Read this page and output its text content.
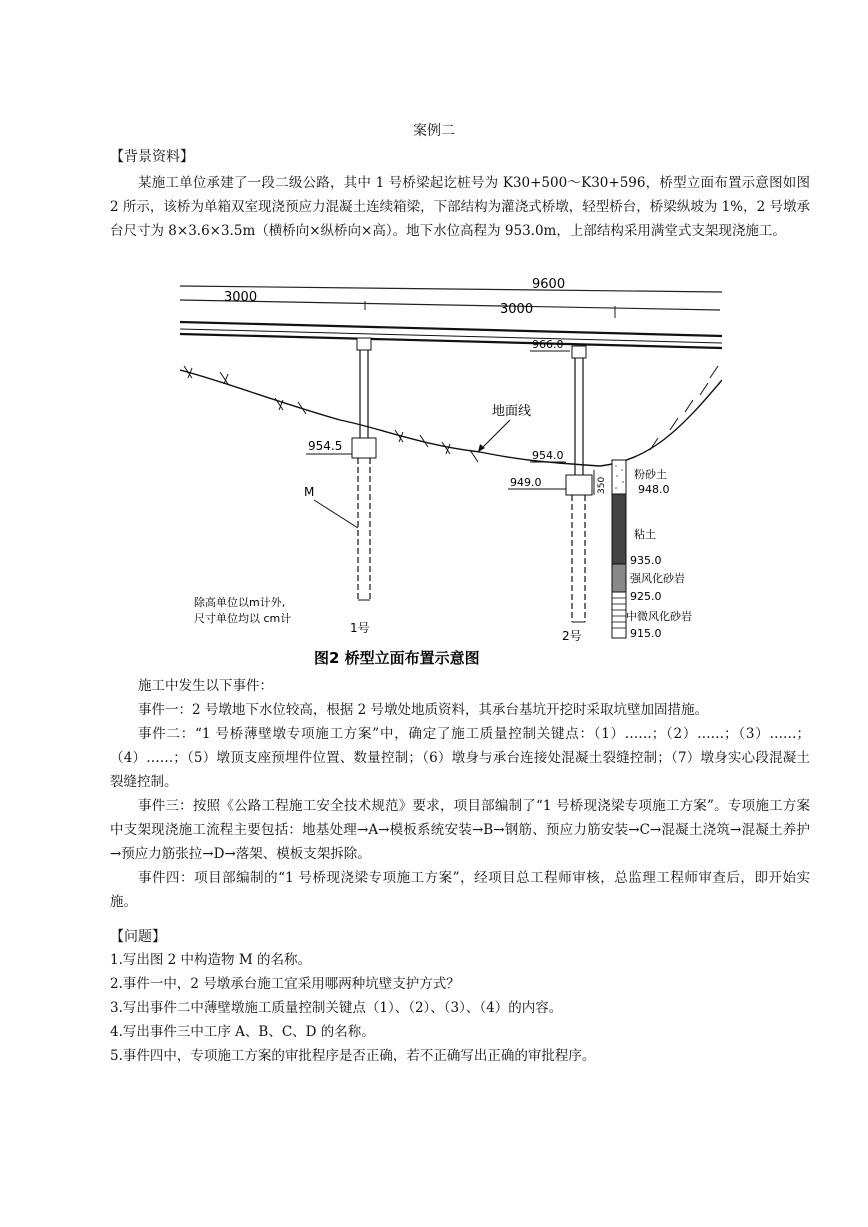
案例二
【背景资料】
某施工单位承建了一段二级公路，其中 1 号桥梁起讫桩号为 K30+500～K30+596，桥型立面布置示意图如图 2 所示，该桥为单箱双室现浇预应力混凝土连续箱梁，下部结构为灌浇式桥墩，轻型桥台，桥梁纵坡为 1%，2 号墩承台尺寸为 8×3.6×3.5m（横桥向×纵桥向×高）。地下水位高程为 953.0m，上部结构采用满堂式支架现浇施工。
9600
3000
3000
966.0
地面线
954.5
954.0
949.0	350
M
粉砂土
948.0
粘土
935.0
强风化砂岩
925.0
中微风化砂岩
915.0
除高单位以m计外,
尺寸单位均以 cm计
1号
2号
图2 桥型立面布置示意图
施工中发生以下事件：
事件一：2 号墩地下水位较高，根据 2 号墩处地质资料，其承台基坑开挖时采取坑壁加固措施。
事件二：“1 号桥薄壁墩专项施工方案”中，确定了施工质量控制关键点：（1）……；（2）……；（3）……；（4）……；（5）墩顶支座预埋件位置、数量控制；（6）墩身与承台连接处混凝土裂缝控制；（7）墩身实心段混凝土裂缝控制。
事件三：按照《公路工程施工安全技术规范》要求，项目部编制了“1 号桥现浇梁专项施工方案”。专项施工方案中支架现浇施工流程主要包括：地基处理→A→模板系统安装→B→钢筋、预应力筋安装→C→混凝土浇筑→混凝土养护→预应力筋张拉→D→落架、模板支架拆除。
事件四：项目部编制的“1 号桥现浇梁专项施工方案”，经项目总工程师审核，总监理工程师审查后，即开始实施。
【问题】
1.写出图 2 中构造物 M 的名称。
2.事件一中，2 号墩承台施工宜采用哪两种坑壁支护方式？
3.写出事件二中薄壁墩施工质量控制关键点（1）、（2）、（3）、（4）的内容。
4.写出事件三中工序 A、B、C、D 的名称。
5.事件四中，专项施工方案的审批程序是否正确，若不正确写出正确的审批程序。
